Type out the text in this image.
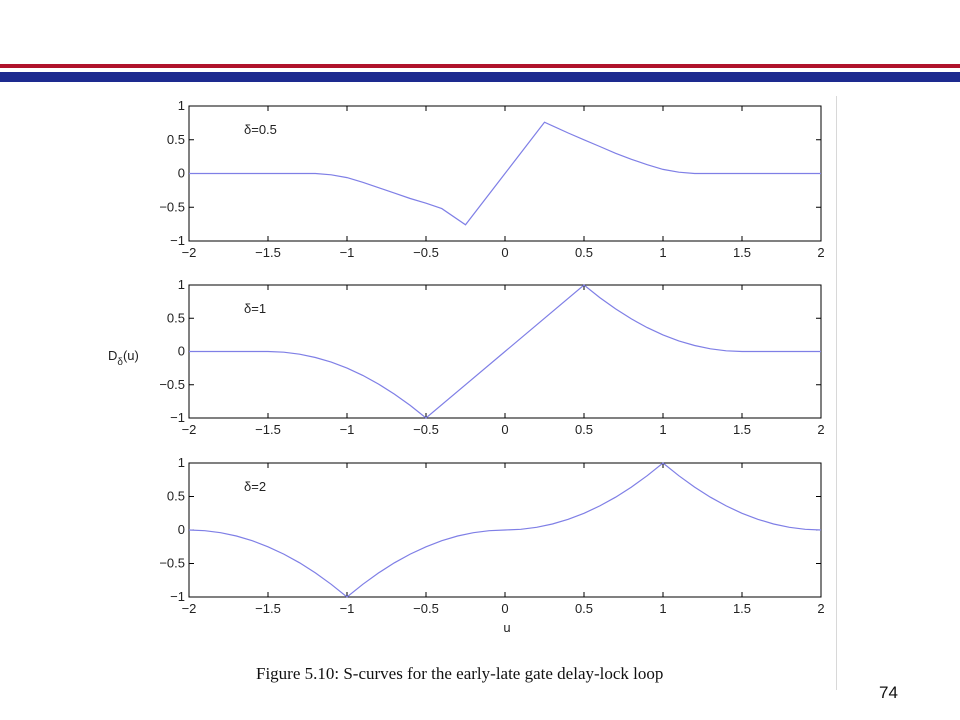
$D_\delta(u)$
u
−2	−1.5	−1	−0.5	0	0.5	1	1.5	2
1
0.5
0
−0.5
−1
δ=0.5
−2	−1.5	−1	−0.5	0	0.5	1	1.5	2
1
0.5
0
−0.5
−1
δ=1
−2	−1.5	−1	−0.5	0	0.5	1	1.5	2
1
0.5
0
−0.5
−1
δ=2
Figure 5.10: S-curves for the early-late gate delay-lock loop
74
